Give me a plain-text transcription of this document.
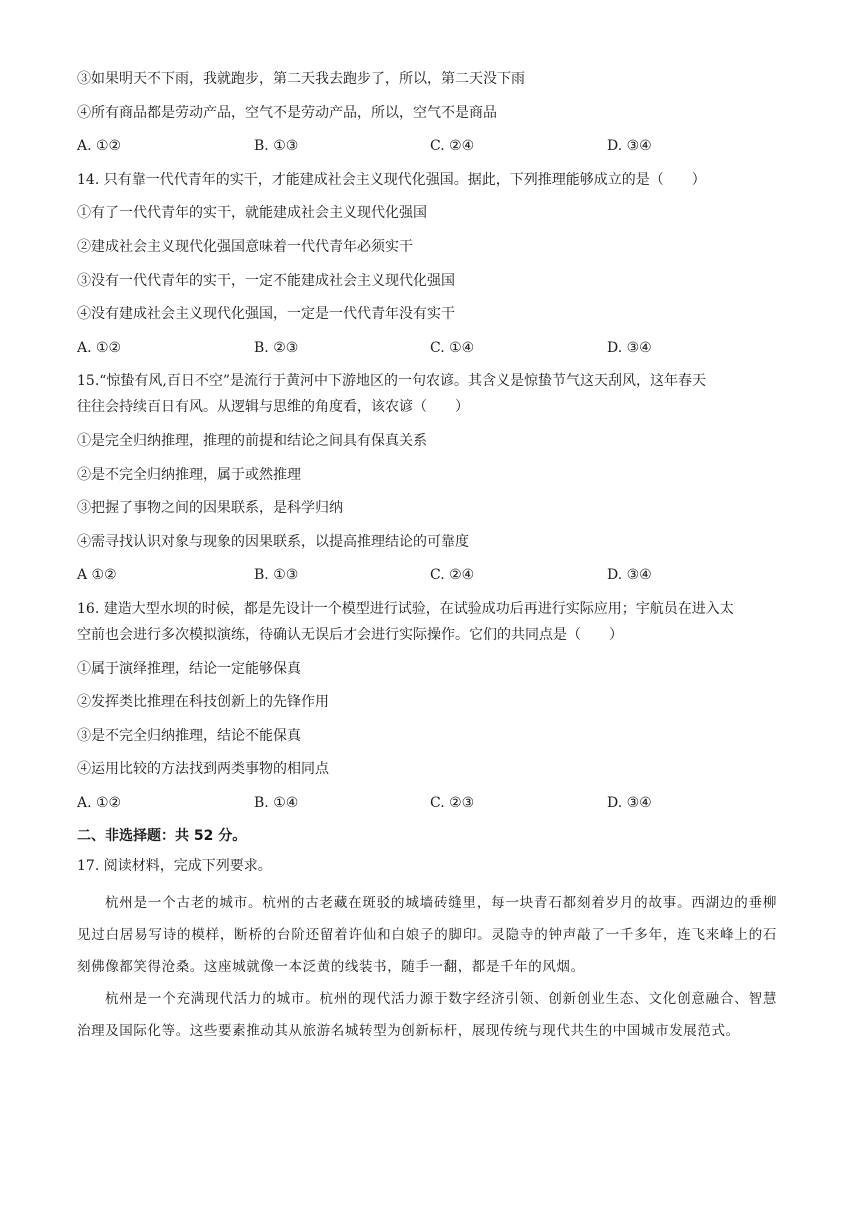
③如果明天不下雨，我就跑步，第二天我去跑步了，所以，第二天没下雨
④所有商品都是劳动产品，空气不是劳动产品，所以，空气不是商品
A. ①②	B. ①③	C. ②④	D. ③④
14. 只有靠一代代青年的实干，才能建成社会主义现代化强国。据此，下列推理能够成立的是（　　）
①有了一代代青年的实干，就能建成社会主义现代化强国
②建成社会主义现代化强国意味着一代代青年必须实干
③没有一代代青年的实干，一定不能建成社会主义现代化强国
④没有建成社会主义现代化强国，一定是一代代青年没有实干
A. ①②	B. ②③	C. ①④	D. ③④
15.“惊蛰有风,百日不空”是流行于黄河中下游地区的一句农谚。其含义是惊蛰节气这天刮风，这年春天
往往会持续百日有风。从逻辑与思维的角度看，该农谚（　　）
①是完全归纳推理，推理的前提和结论之间具有保真关系
②是不完全归纳推理，属于或然推理
③把握了事物之间的因果联系，是科学归纳
④需寻找认识对象与现象的因果联系，以提高推理结论的可靠度
A ①②	B. ①③	C. ②④	D. ③④
16. 建造大型水坝的时候，都是先设计一个模型进行试验，在试验成功后再进行实际应用；宇航员在进入太
空前也会进行多次模拟演练，待确认无误后才会进行实际操作。它们的共同点是（　　）
①属于演绎推理，结论一定能够保真
②发挥类比推理在科技创新上的先锋作用
③是不完全归纳推理，结论不能保真
④运用比较的方法找到两类事物的相同点
A. ①②	B. ①④	C. ②③	D. ③④
二、非选择题：共 52 分。
17. 阅读材料，完成下列要求。

杭州是一个古老的城市。杭州的古老藏在斑驳的城墙砖缝里，每一块青石都刻着岁月的故事。西湖边的垂柳见过白居易写诗的模样，断桥的台阶还留着许仙和白娘子的脚印。灵隐寺的钟声敲了一千多年，连飞来峰上的石刻佛像都笑得沧桑。这座城就像一本泛黄的线装书，随手一翻，都是千年的风烟。

杭州是一个充满现代活力的城市。杭州的现代活力源于数字经济引领、创新创业生态、文化创意融合、智慧治理及国际化等。这些要素推动其从旅游名城转型为创新标杆，展现传统与现代共生的中国城市发展范式。
